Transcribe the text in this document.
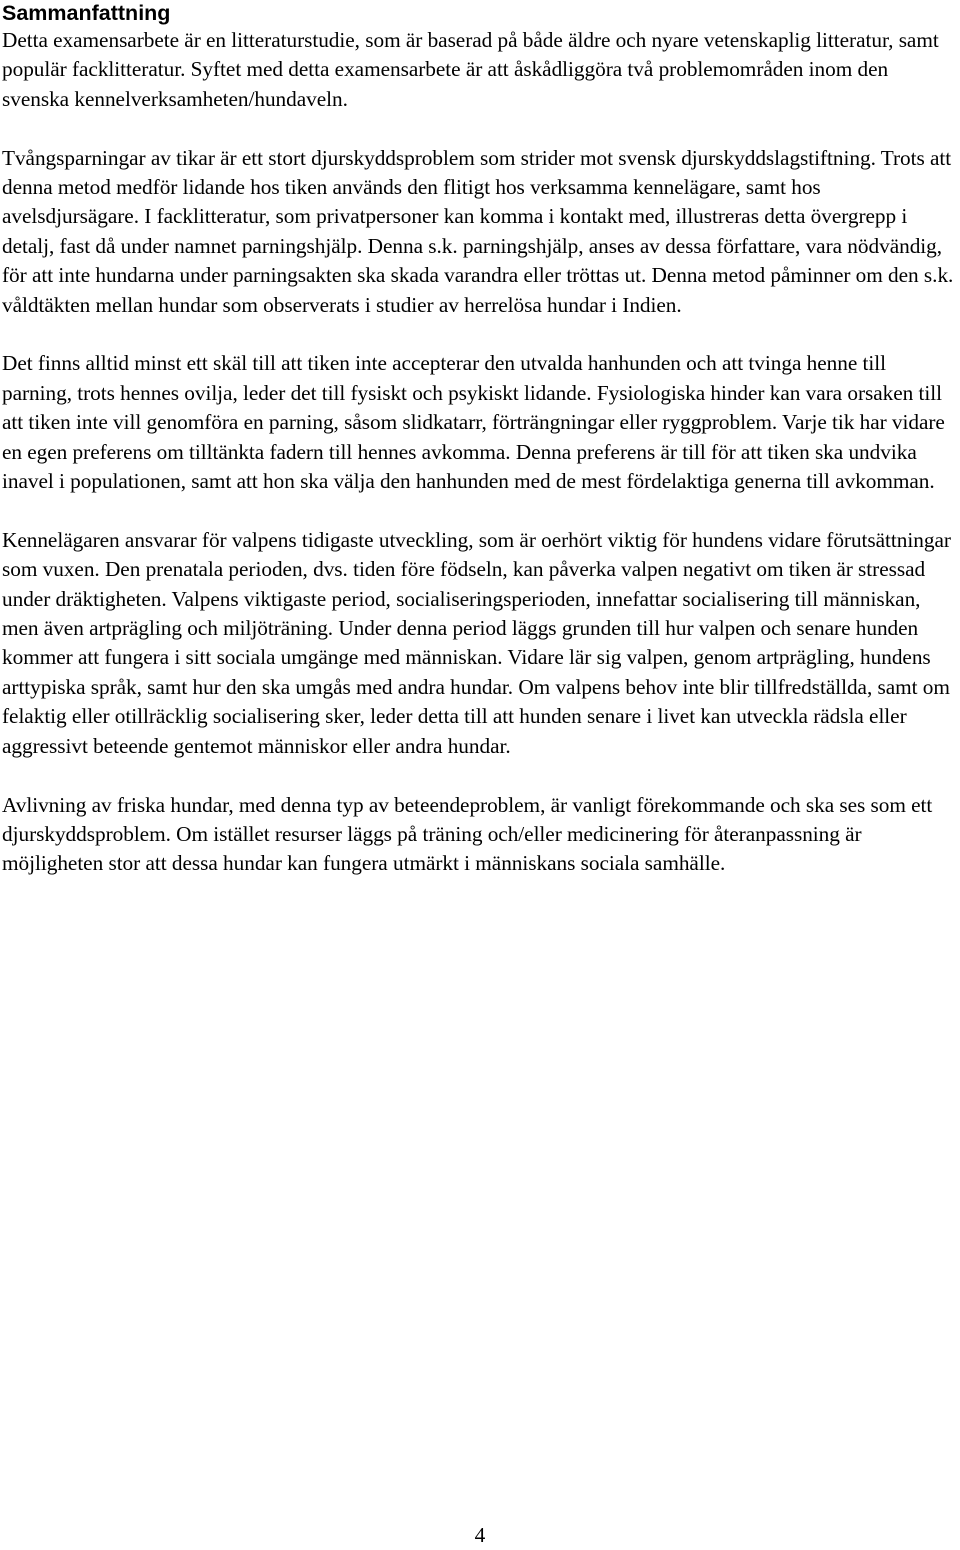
Sammanfattning

Detta examensarbete är en litteraturstudie, som är baserad på både äldre och nyare vetenskaplig litteratur, samt populär facklitteratur. Syftet med detta examensarbete är att åskådliggöra två problemområden inom den svenska kennelverksamheten/hundaveln.

Tvångsparningar av tikar är ett stort djurskyddsproblem som strider mot svensk djurskyddslagstiftning. Trots att denna metod medför lidande hos tiken används den flitigt hos verksamma kennelägare, samt hos avelsdjursägare. I facklitteratur, som privatpersoner kan komma i kontakt med, illustreras detta övergrepp i detalj, fast då under namnet parningshjälp. Denna s.k. parningshjälp, anses av dessa författare, vara nödvändig, för att inte hundarna under parningsakten ska skada varandra eller tröttas ut. Denna metod påminner om den s.k. våldtäkten mellan hundar som observerats i studier av herrelösa hundar i Indien.

Det finns alltid minst ett skäl till att tiken inte accepterar den utvalda hanhunden och att tvinga henne till parning, trots hennes ovilja, leder det till fysiskt och psykiskt lidande. Fysiologiska hinder kan vara orsaken till att tiken inte vill genomföra en parning, såsom slidkatarr, förträngningar eller ryggproblem. Varje tik har vidare en egen preferens om tilltänkta fadern till hennes avkomma. Denna preferens är till för att tiken ska undvika inavel i populationen, samt att hon ska välja den hanhunden med de mest fördelaktiga generna till avkomman.

Kennelägaren ansvarar för valpens tidigaste utveckling, som är oerhört viktig för hundens vidare förutsättningar som vuxen. Den prenatala perioden, dvs. tiden före födseln, kan påverka valpen negativt om tiken är stressad under dräktigheten. Valpens viktigaste period, socialiseringsperioden, innefattar socialisering till människan, men även artprägling och miljöträning. Under denna period läggs grunden till hur valpen och senare hunden kommer att fungera i sitt sociala umgänge med människan. Vidare lär sig valpen, genom artprägling, hundens arttypiska språk, samt hur den ska umgås med andra hundar. Om valpens behov inte blir tillfredställda, samt om felaktig eller otillräcklig socialisering sker, leder detta till att hunden senare i livet kan utveckla rädsla eller aggressivt beteende gentemot människor eller andra hundar.

Avlivning av friska hundar, med denna typ av beteendeproblem, är vanligt förekommande och ska ses som ett djurskyddsproblem. Om istället resurser läggs på träning och/eller medicinering för återanpassning är möjligheten stor att dessa hundar kan fungera utmärkt i människans sociala samhälle.

4
